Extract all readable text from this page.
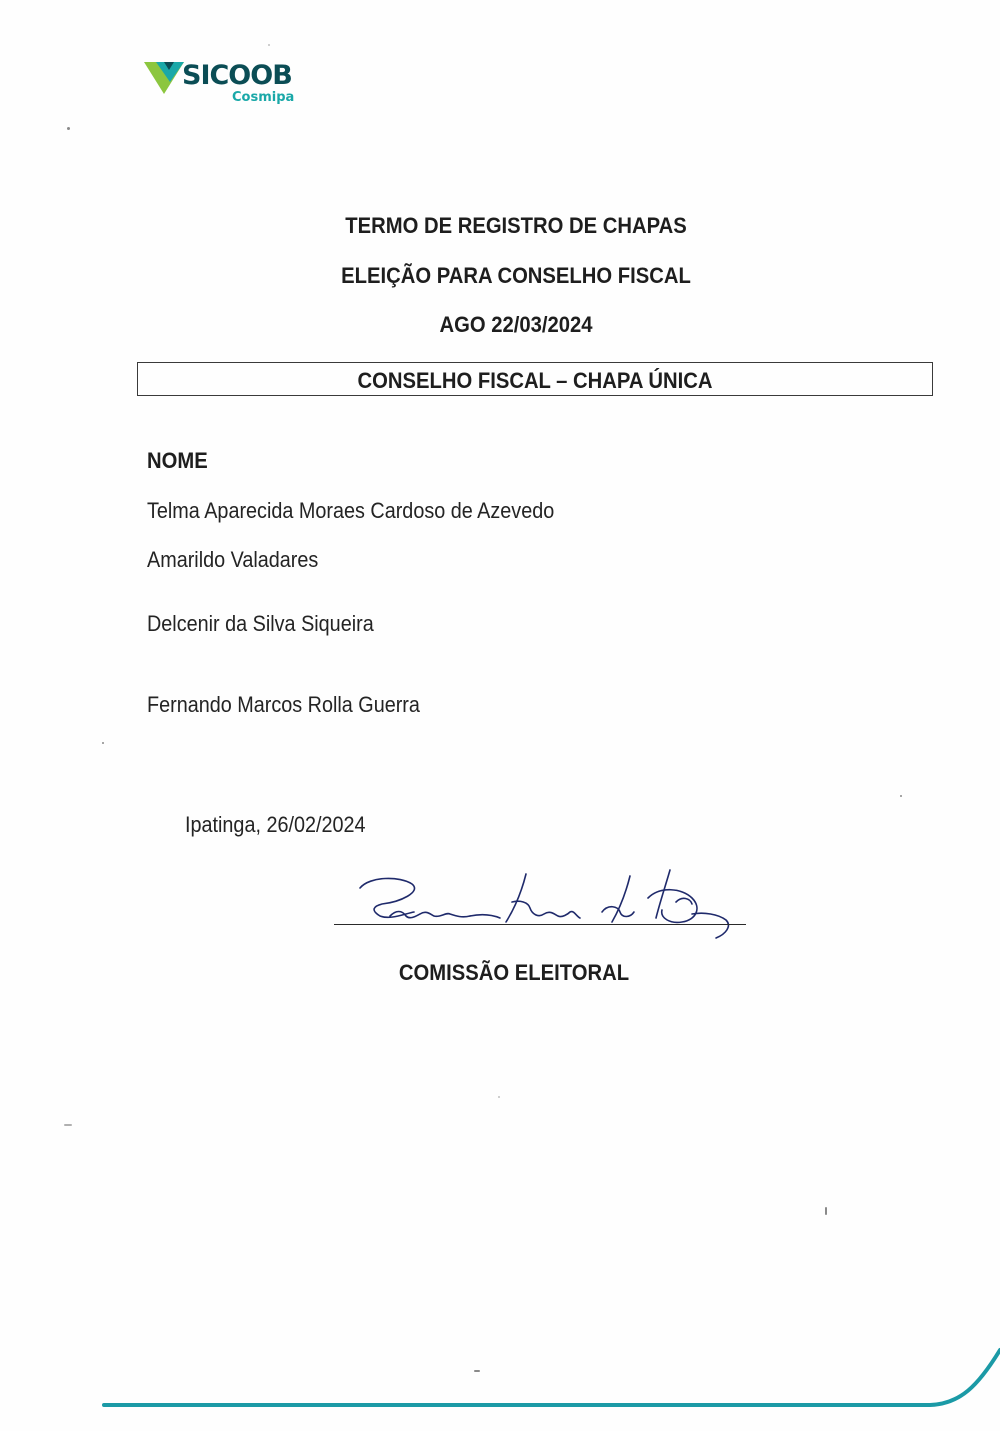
SICOOB
Cosmipa
TERMO DE REGISTRO DE CHAPAS
ELEIÇÃO PARA CONSELHO FISCAL
AGO 22/03/2024
CONSELHO FISCAL – CHAPA ÚNICA
NOME
Telma Aparecida Moraes Cardoso de Azevedo
Amarildo Valadares
Delcenir da Silva Siqueira
Fernando Marcos Rolla Guerra
Ipatinga, 26/02/2024
COMISSÃO ELEITORAL
